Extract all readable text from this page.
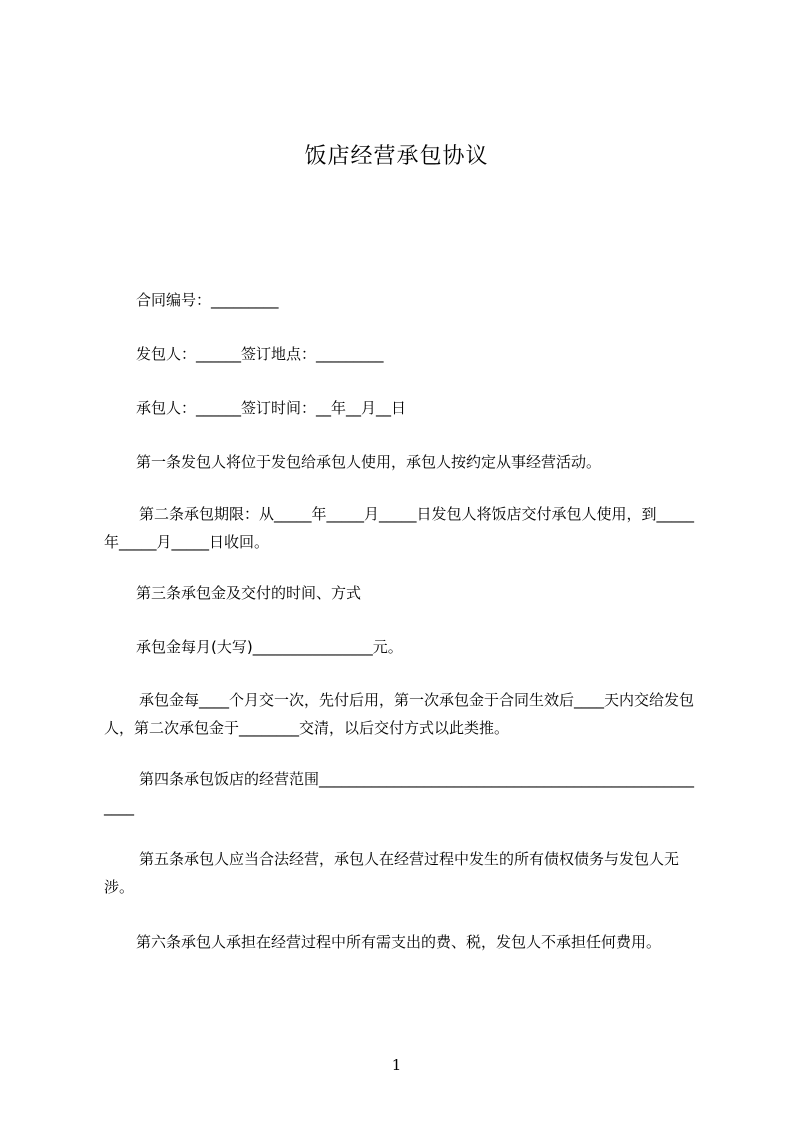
饭店经营承包协议
合同编号：_________
发包人：______签订地点：_________
承包人：______签订时间：__年__月__日
第一条发包人将位于发包给承包人使用，承包人按约定从事经营活动。
第二条承包期限：从_____年_____月_____日发包人将饭店交付承包人使用，到_____年_____月_____日收回。
第三条承包金及交付的时间、方式
承包金每月(大写)________________元。
承包金每____个月交一次，先付后用，第一次承包金于合同生效后____天内交给发包人，第二次承包金于________交清，以后交付方式以此类推。
第四条承包饭店的经营范围______________________________________________________
第五条承包人应当合法经营，承包人在经营过程中发生的所有债权债务与发包人无涉。
第六条承包人承担在经营过程中所有需支出的费、税，发包人不承担任何费用。
1
